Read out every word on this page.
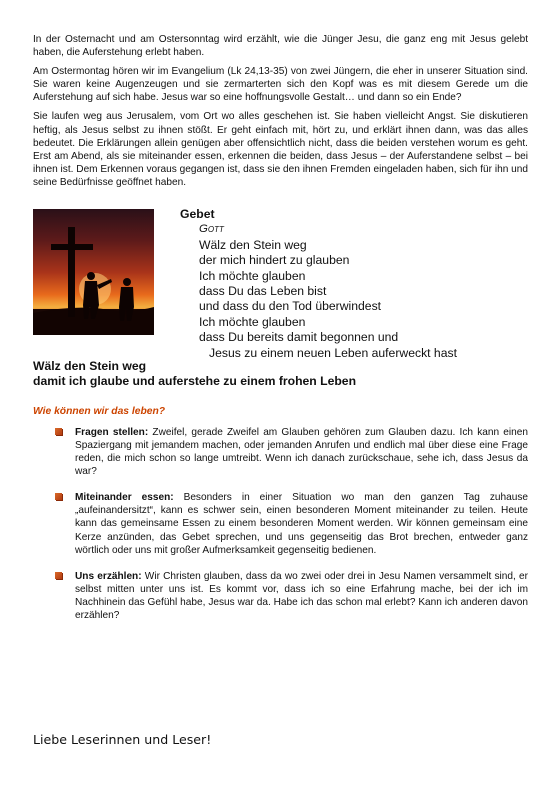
In der Osternacht und am Ostersonntag wird erzählt, wie die Jünger Jesu, die ganz eng mit Jesus gelebt haben, die Auferstehung erlebt haben.

Am Ostermontag hören wir im Evangelium (Lk 24,13-35) von zwei Jüngern, die eher in unserer Situation sind. Sie waren keine Augenzeugen und sie zermarterten sich den Kopf was es mit diesem Gerede um die Auferstehung auf sich habe. Jesus war so eine hoffnungsvolle Gestalt… und dann so ein Ende?

Sie laufen weg aus Jerusalem, vom Ort wo alles geschehen ist. Sie haben vielleicht Angst. Sie diskutieren heftig, als Jesus selbst zu ihnen stößt. Er geht einfach mit, hört zu, und erklärt ihnen dann, was das alles bedeutet. Die Erklärungen allein genügen aber offensichtlich nicht, dass die beiden verstehen worum es geht. Erst am Abend, als sie miteinander essen, erkennen die beiden, dass Jesus – der Auferstandene selbst – bei ihnen ist. Dem Erkennen voraus gegangen ist, dass sie den ihnen Fremden eingeladen haben, sich für ihn und seine Bedürfnisse geöffnet haben.

Gebet
Gott
Wälz den Stein weg
der mich hindert zu glauben
Ich möchte glauben
dass Du das Leben bist
und dass du den Tod überwindest
Ich möchte glauben
dass Du bereits damit begonnen und
Jesus zu einem neuen Leben auferweckt hast
Wälz den Stein weg
damit ich glaube und auferstehe zu einem frohen Leben
Wie können wir das leben?
Fragen stellen: Zweifel, gerade Zweifel am Glauben gehören zum Glauben dazu. Ich kann einen Spaziergang mit jemandem machen, oder jemanden Anrufen und endlich mal über diese eine Frage reden, die mich schon so lange umtreibt. Wenn ich danach zurückschaue, sehe ich, dass Jesus da war?
Miteinander essen: Besonders in einer Situation wo man den ganzen Tag zuhause „aufeinandersitzt“, kann es schwer sein, einen besonderen Moment miteinander zu teilen. Heute kann das gemeinsame Essen zu einem besonderen Moment werden. Wir können gemeinsam eine Kerze anzünden, das Gebet sprechen, und uns gegenseitig das Brot brechen, entweder ganz wörtlich oder uns mit großer Aufmerksamkeit gegenseitig bedienen.
Uns erzählen: Wir Christen glauben, dass da wo zwei oder drei in Jesu Namen versammelt sind, er selbst mitten unter uns ist. Es kommt vor, dass ich so eine Erfahrung mache, bei der ich im Nachhinein das Gefühl habe, Jesus war da. Habe ich das schon mal erlebt? Kann ich anderen davon erzählen?
Liebe Leserinnen und Leser!
